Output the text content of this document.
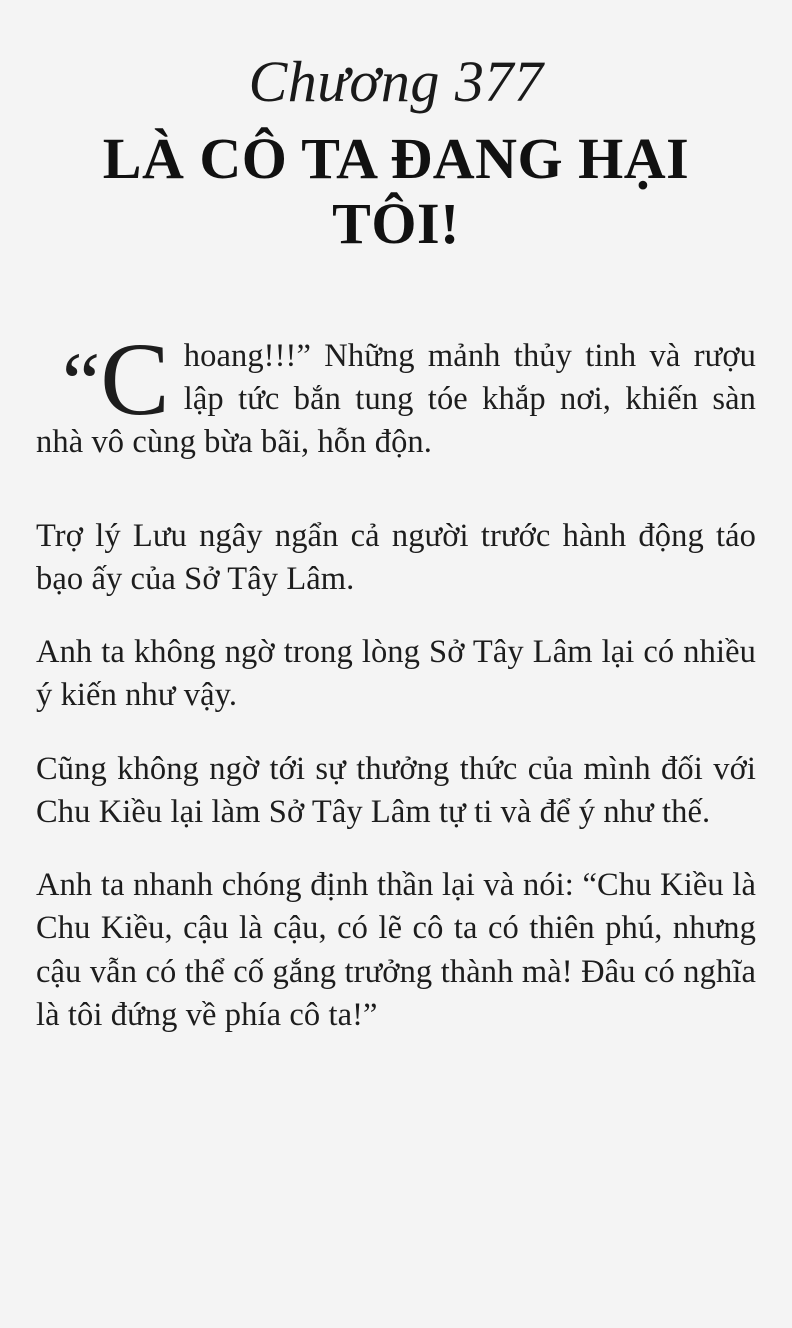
Chương 377
LÀ CÔ TA ĐANG HẠI TÔI!

“C hoang!!!” Những mảnh thủy tinh và rượu lập tức bắn tung tóe khắp nơi, khiến sàn nhà vô cùng bừa bãi, hỗn độn.

Trợ lý Lưu ngây ngẩn cả người trước hành động táo bạo ấy của Sở Tây Lâm.

Anh ta không ngờ trong lòng Sở Tây Lâm lại có nhiều ý kiến như vậy.

Cũng không ngờ tới sự thưởng thức của mình đối với Chu Kiều lại làm Sở Tây Lâm tự ti và để ý như thế.

Anh ta nhanh chóng định thần lại và nói: “Chu Kiều là Chu Kiều, cậu là cậu, có lẽ cô ta có thiên phú, nhưng cậu vẫn có thể cố gắng trưởng thành mà! Đâu có nghĩa là tôi đứng về phía cô ta!”
